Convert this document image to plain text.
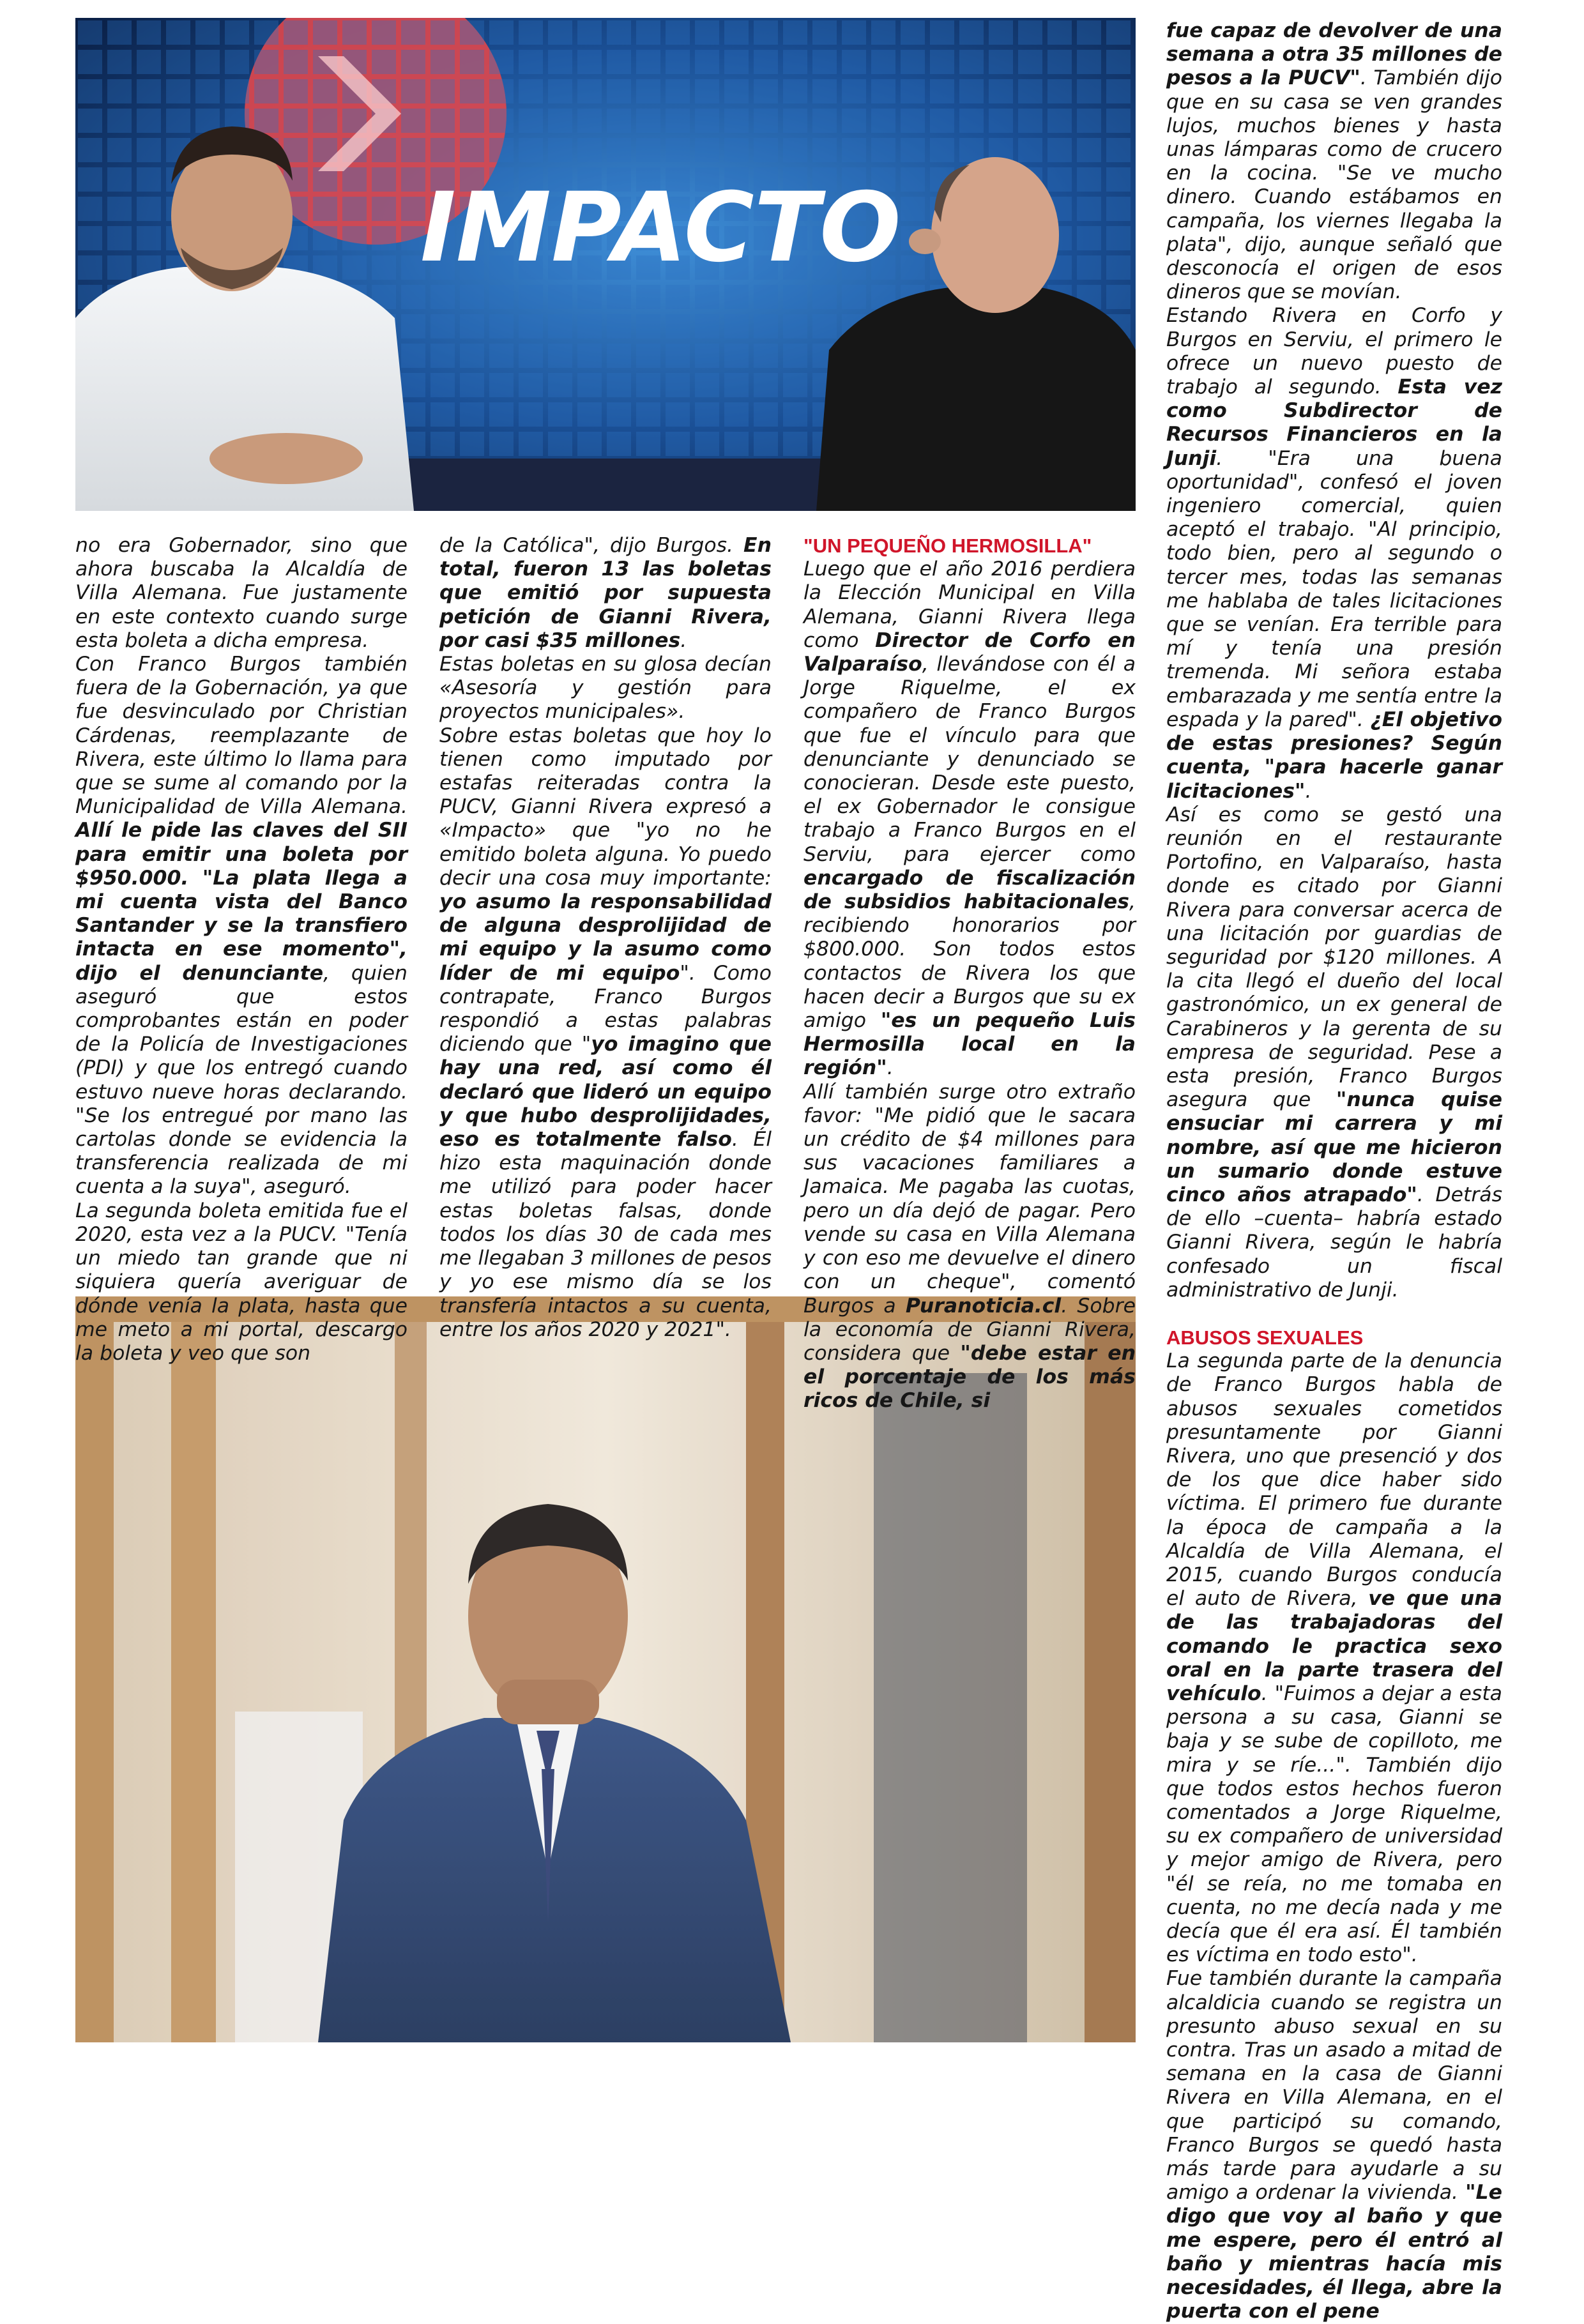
IMPACTO

no era Gobernador, sino que ahora buscaba la Alcaldía de Villa Alemana. Fue justamente en este contexto cuando surge esta boleta a dicha empresa.

Con Franco Burgos también fuera de la Gobernación, ya que fue desvinculado por Christian Cárdenas, reemplazante de Rivera, este último lo llama para que se sume al comando por la Municipalidad de Villa Alemana. Allí le pide las claves del SII para emitir una boleta por $950.000. "La plata llega a mi cuenta vista del Banco Santander y se la transfiero intacta en ese momento", dijo el denunciante, quien aseguró que estos comprobantes están en poder de la Policía de Investigaciones (PDI) y que los entregó cuando estuvo nueve horas declarando. "Se los entregué por mano las cartolas donde se evidencia la transferencia realizada de mi cuenta a la suya", aseguró.

La segunda boleta emitida fue el 2020, esta vez a la PUCV. "Tenía un miedo tan grande que ni siquiera quería averiguar de dónde venía la plata, hasta que me meto a mi portal, descargo la boleta y veo que son

de la Católica", dijo Burgos. En total, fueron 13 las boletas que emitió por supuesta petición de Gianni Rivera, por casi $35 millones.

Estas boletas en su glosa decían «Asesoría y gestión para proyectos municipales».

Sobre estas boletas que hoy lo tienen como imputado por estafas reiteradas contra la PUCV, Gianni Rivera expresó a «Impacto» que "yo no he emitido boleta alguna. Yo puedo decir una cosa muy importante: yo asumo la responsabilidad de alguna desprolijidad de mi equipo y la asumo como líder de mi equipo". Como contrapate, Franco Burgos respondió a estas palabras diciendo que "yo imagino que hay una red, así como él declaró que lideró un equipo y que hubo desprolijidades, eso es totalmente falso. Él hizo esta maquinación donde me utilizó para poder hacer estas boletas falsas, donde todos los días 30 de cada mes me llegaban 3 millones de pesos y yo ese mismo día se los transfería intactos a su cuenta, entre los años 2020 y 2021".

"UN PEQUEÑO HERMOSILLA"

Luego que el año 2016 perdiera la Elección Municipal en Villa Alemana, Gianni Rivera llega como Director de Corfo en Valparaíso, llevándose con él a Jorge Riquelme, el ex compañero de Franco Burgos que fue el vínculo para que denunciante y denunciado se conocieran. Desde este puesto, el ex Gobernador le consigue trabajo a Franco Burgos en el Serviu, para ejercer como encargado de fiscalización de subsidios habitacionales, recibiendo honorarios por $800.000. Son todos estos contactos de Rivera los que hacen decir a Burgos que su ex amigo "es un pequeño Luis Hermosilla local en la región".

Allí también surge otro extraño favor: "Me pidió que le sacara un crédito de $4 millones para sus vacaciones familiares a Jamaica. Me pagaba las cuotas, pero un día dejó de pagar. Pero vende su casa en Villa Alemana y con eso me devuelve el dinero con un cheque", comentó Burgos a Puranoticia.cl. Sobre la economía de Gianni Rivera, considera que "debe estar en el porcentaje de los más ricos de Chile, si

fue capaz de devolver de una semana a otra 35 millones de pesos a la PUCV". También dijo que en su casa se ven grandes lujos, muchos bienes y hasta unas lámparas como de crucero en la cocina. "Se ve mucho dinero. Cuando estábamos en campaña, los viernes llegaba la plata", dijo, aunque señaló que desconocía el origen de esos dineros que se movían.

Estando Rivera en Corfo y Burgos en Serviu, el primero le ofrece un nuevo puesto de trabajo al segundo. Esta vez como Subdirector de Recursos Financieros en la Junji. "Era una buena oportunidad", confesó el joven ingeniero comercial, quien aceptó el trabajo. "Al principio, todo bien, pero al segundo o tercer mes, todas las semanas me hablaba de tales licitaciones que se venían. Era terrible para mí y tenía una presión tremenda. Mi señora estaba embarazada y me sentía entre la espada y la pared". ¿El objetivo de estas presiones? Según cuenta, "para hacerle ganar licitaciones".

Así es como se gestó una reunión en el restaurante Portofino, en Valparaíso, hasta donde es citado por Gianni Rivera para conversar acerca de una licitación por guardias de seguridad por $120 millones. A la cita llegó el dueño del local gastronómico, un ex general de Carabineros y la gerenta de su empresa de seguridad. Pese a esta presión, Franco Burgos asegura que "nunca quise ensuciar mi carrera y mi nombre, así que me hicieron un sumario donde estuve cinco años atrapado". Detrás de ello –cuenta– habría estado Gianni Rivera, según le habría confesado un fiscal administrativo de Junji.

ABUSOS SEXUALES

La segunda parte de la denuncia de Franco Burgos habla de abusos sexuales cometidos presuntamente por Gianni Rivera, uno que presenció y dos de los que dice haber sido víctima. El primero fue durante la época de campaña a la Alcaldía de Villa Alemana, el 2015, cuando Burgos conducía el auto de Rivera, ve que una de las trabajadoras del comando le practica sexo oral en la parte trasera del vehículo. "Fuimos a dejar a esta persona a su casa, Gianni se baja y se sube de copilloto, me mira y se ríe...". También dijo que todos estos hechos fueron comentados a Jorge Riquelme, su ex compañero de universidad y mejor amigo de Rivera, pero "él se reía, no me tomaba en cuenta, no me decía nada y me decía que él era así. Él también es víctima en todo esto".

Fue también durante la campaña alcaldicia cuando se registra un presunto abuso sexual en su contra. Tras un asado a mitad de semana en la casa de Gianni Rivera en Villa Alemana, en el que participó su comando, Franco Burgos se quedó hasta más tarde para ayudarle a su amigo a ordenar la vivienda. "Le digo que voy al baño y que me espere, pero él entró al baño y mientras hacía mis necesidades, él llega, abre la puerta con el pene
